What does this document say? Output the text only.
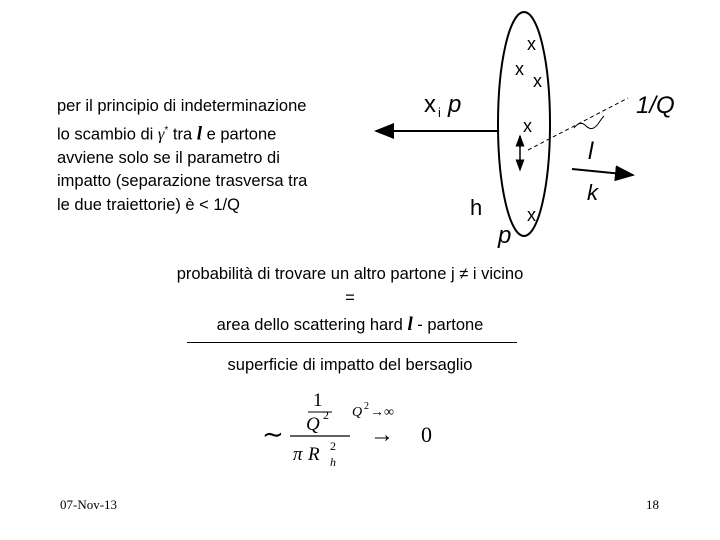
per il principio di indeterminazione
lo scambio di γ* tra l e partone
avviene solo se il parametro di
impatto (separazione trasversa tra
le due traiettorie) è < 1/Q
x i p
h
p
1/Q
l
k
x
x
x
x
x
probabilità di trovare un altro partone j ≠ i vicino
=
area dello scattering hard l - partone
superficie di impatto del bersaglio
∼
1
Q 2
π R 2
h
Q 2 →∞
→ 0
07-Nov-13	18
